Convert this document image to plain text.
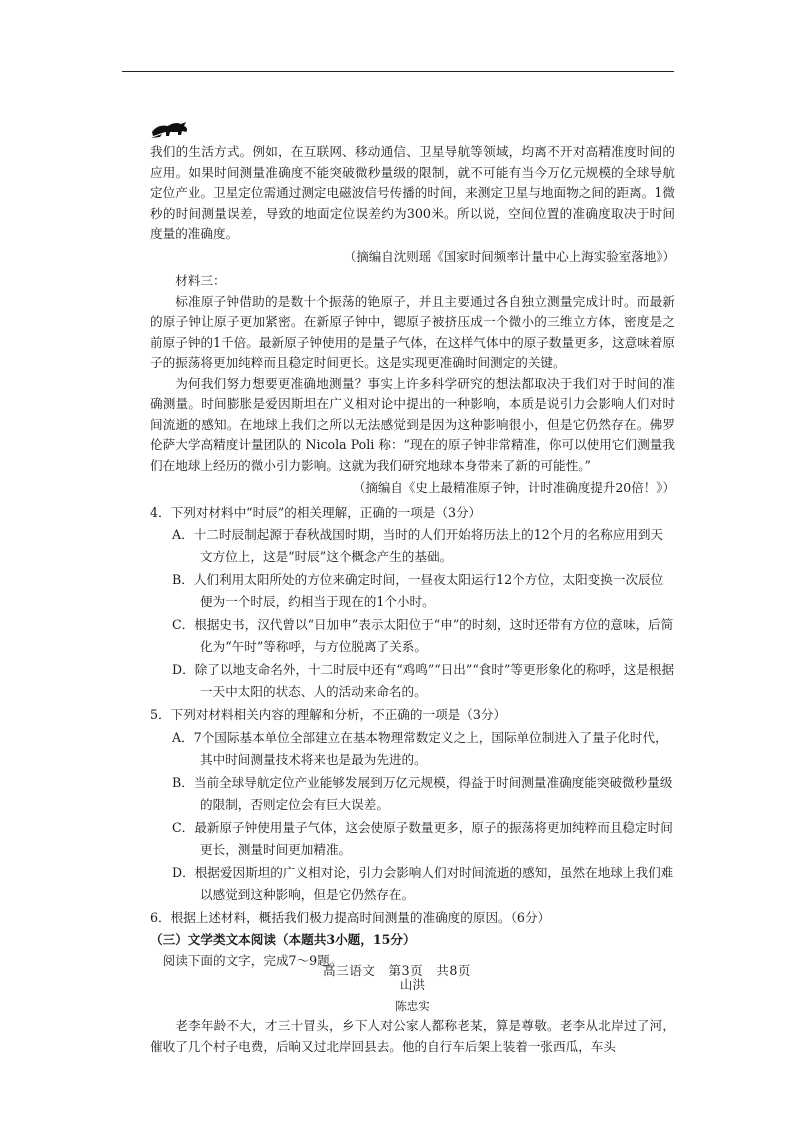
我们的生活方式。例如，在互联网、移动通信、卫星导航等领域，均离不开对高精准度时间的应用。如果时间测量准确度不能突破微秒量级的限制，就不可能有当今万亿元规模的全球导航定位产业。卫星定位需通过测定电磁波信号传播的时间，来测定卫星与地面物之间的距离。1微秒的时间测量误差，导致的地面定位误差约为300米。所以说，空间位置的准确度取决于时间度量的准确度。

（摘编自沈则瑶《国家时间频率计量中心上海实验室落地》）

材料三：

标准原子钟借助的是数十个振荡的铯原子，并且主要通过各自独立测量完成计时。而最新的原子钟让原子更加紧密。在新原子钟中，锶原子被挤压成一个微小的三维立方体，密度是之前原子钟的1千倍。最新原子钟使用的是量子气体，在这样气体中的原子数量更多，这意味着原子的振荡将更加纯粹而且稳定时间更长。这是实现更准确时间测定的关键。

为何我们努力想要更准确地测量？事实上许多科学研究的想法都取决于我们对于时间的准确测量。时间膨胀是爱因斯坦在广义相对论中提出的一种影响，本质是说引力会影响人们对时间流逝的感知。在地球上我们之所以无法感觉到是因为这种影响很小，但是它仍然存在。佛罗伦萨大学高精度计量团队的 Nicola Poli 称：“现在的原子钟非常精准，你可以使用它们测量我们在地球上经历的微小引力影响。这就为我们研究地球本身带来了新的可能性。”

（摘编自《史上最精准原子钟，计时准确度提升20倍！》）

4．下列对材料中“时辰”的相关理解，正确的一项是（3分）
A．十二时辰制起源于春秋战国时期，当时的人们开始将历法上的12个月的名称应用到天文方位上，这是“时辰”这个概念产生的基础。
B．人们利用太阳所处的方位来确定时间，一昼夜太阳运行12个方位，太阳变换一次辰位便为一个时辰，约相当于现在的1个小时。
C．根据史书，汉代曾以“日加申”表示太阳位于“申”的时刻，这时还带有方位的意味，后简化为“午时”等称呼，与方位脱离了关系。
D．除了以地支命名外，十二时辰中还有“鸡鸣”“日出”“食时”等更形象化的称呼，这是根据一天中太阳的状态、人的活动来命名的。
5．下列对材料相关内容的理解和分析，不正确的一项是（3分）
A．7个国际基本单位全部建立在基本物理常数定义之上，国际单位制进入了量子化时代，其中时间测量技术将来也是最为先进的。
B．当前全球导航定位产业能够发展到万亿元规模，得益于时间测量准确度能突破微秒量级的限制，否则定位会有巨大误差。
C．最新原子钟使用量子气体，这会使原子数量更多，原子的振荡将更加纯粹而且稳定时间更长，测量时间更加精准。
D．根据爱因斯坦的广义相对论，引力会影响人们对时间流逝的感知，虽然在地球上我们难以感觉到这种影响，但是它仍然存在。

6．根据上述材料，概括我们极力提高时间测量的准确度的原因。（6分）

（三）文学类文本阅读（本题共3小题，15分）

阅读下面的文字，完成7～9题。

山洪

陈忠实

老李年龄不大，才三十冒头，乡下人对公家人都称老某，算是尊敬。老李从北岸过了河，催收了几个村子电费，后晌又过北岸回县去。他的自行车后架上装着一张西瓜，车头

高三语文　第3页　共8页
